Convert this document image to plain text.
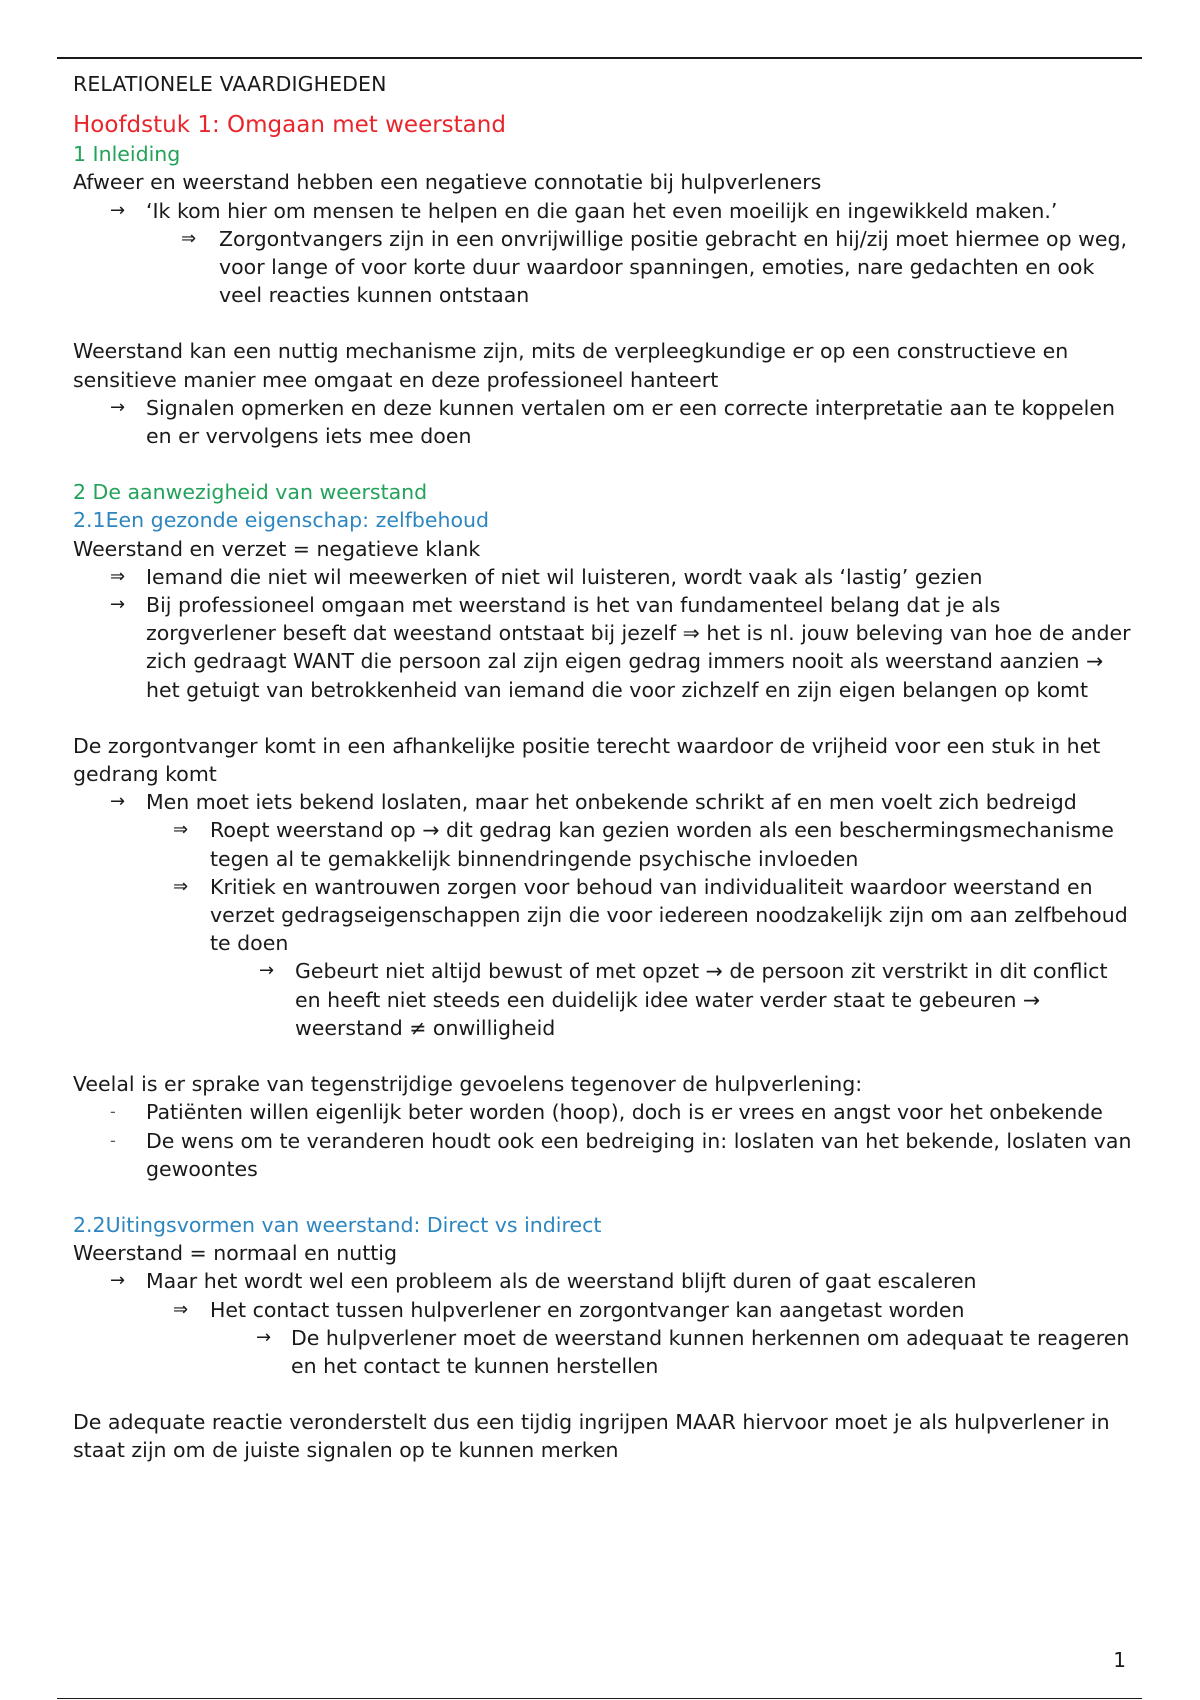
RELATIONELE VAARDIGHEDEN
Hoofdstuk 1: Omgaan met weerstand
1 Inleiding

Afweer en weerstand hebben een negatieve connotatie bij hulpverleners

→ ‘Ik kom hier om mensen te helpen en die gaan het even moeilijk en ingewikkeld maken.’
⇒ Zorgontvangers zijn in een onvrijwillige positie gebracht en hij/zij moet hiermee op weg, voor lange of voor korte duur waardoor spanningen, emoties, nare gedachten en ook veel reacties kunnen ontstaan

Weerstand kan een nuttig mechanisme zijn, mits de verpleegkundige er op een constructieve en sensitieve manier mee omgaat en deze professioneel hanteert

→ Signalen opmerken en deze kunnen vertalen om er een correcte interpretatie aan te koppelen en er vervolgens iets mee doen
2 De aanwezigheid van weerstand
2.1Een gezonde eigenschap: zelfbehoud

Weerstand en verzet = negatieve klank

⇒ Iemand die niet wil meewerken of niet wil luisteren, wordt vaak als ‘lastig’ gezien
→ Bij professioneel omgaan met weerstand is het van fundamenteel belang dat je als zorgverlener beseft dat weestand ontstaat bij jezelf ⇒ het is nl. jouw beleving van hoe de ander zich gedraagt WANT die persoon zal zijn eigen gedrag immers nooit als weerstand aanzien → het getuigt van betrokkenheid van iemand die voor zichzelf en zijn eigen belangen op komt

De zorgontvanger komt in een afhankelijke positie terecht waardoor de vrijheid voor een stuk in het gedrang komt

→ Men moet iets bekend loslaten, maar het onbekende schrikt af en men voelt zich bedreigd
⇒ Roept weerstand op → dit gedrag kan gezien worden als een beschermingsmechanisme tegen al te gemakkelijk binnendringende psychische invloeden
⇒ Kritiek en wantrouwen zorgen voor behoud van individualiteit waardoor weerstand en verzet gedragseigenschappen zijn die voor iedereen noodzakelijk zijn om aan zelfbehoud te doen
→ Gebeurt niet altijd bewust of met opzet → de persoon zit verstrikt in dit conflict en heeft niet steeds een duidelijk idee water verder staat te gebeuren → weerstand ≠ onwilligheid

Veelal is er sprake van tegenstrijdige gevoelens tegenover de hulpverlening:

- Patiënten willen eigenlijk beter worden (hoop), doch is er vrees en angst voor het onbekende
- De wens om te veranderen houdt ook een bedreiging in: loslaten van het bekende, loslaten van gewoontes
2.2Uitingsvormen van weerstand: Direct vs indirect

Weerstand = normaal en nuttig

→ Maar het wordt wel een probleem als de weerstand blijft duren of gaat escaleren
⇒ Het contact tussen hulpverlener en zorgontvanger kan aangetast worden
→ De hulpverlener moet de weerstand kunnen herkennen om adequaat te reageren en het contact te kunnen herstellen

De adequate reactie veronderstelt dus een tijdig ingrijpen MAAR hiervoor moet je als hulpverlener in staat zijn om de juiste signalen op te kunnen merken

1
